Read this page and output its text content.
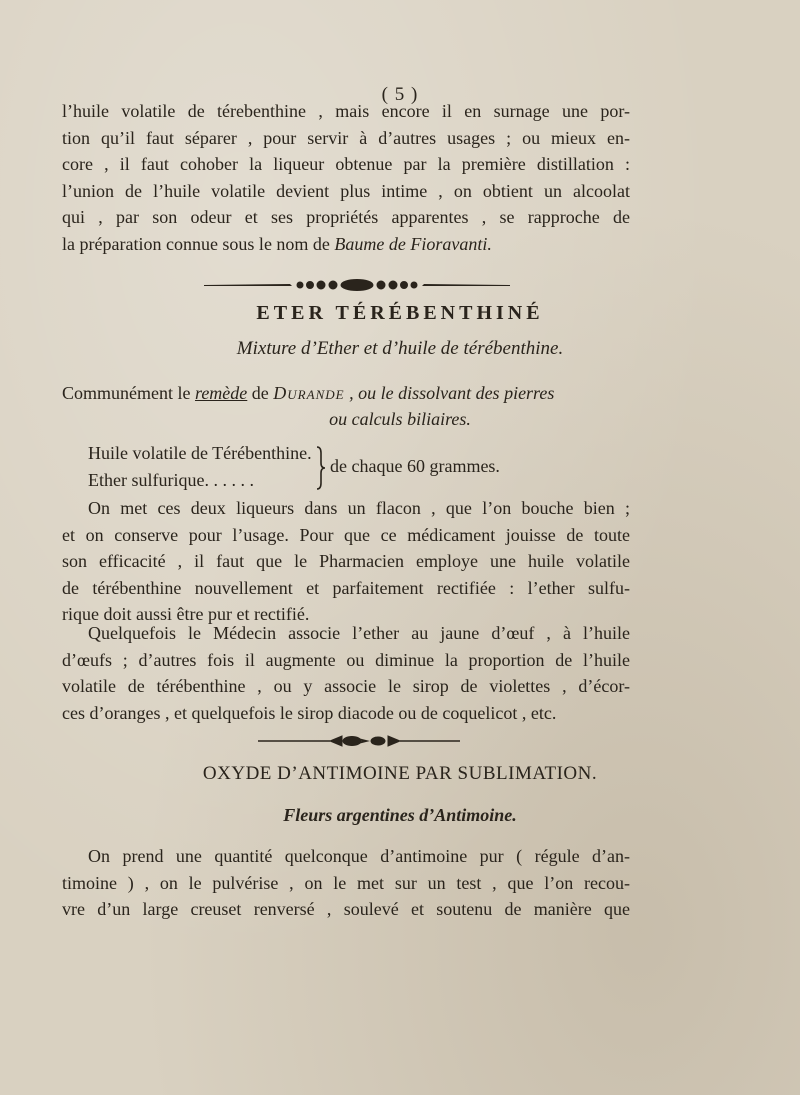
( 5 )
l’huile volatile de térebenthine , mais encore il en surnage une por-
tion qu’il faut séparer , pour servir à d’autres usages ; ou mieux en-
core , il faut cohober la liqueur obtenue par la première distillation :
l’union de l’huile volatile devient plus intime , on obtient un alcoolat
qui , par son odeur et ses propriétés apparentes , se rapproche de
la préparation connue sous le nom de Baume de Fioravanti.
ETER TÉRÉBENTHINÉ
Mixture d’Ether et d’huile de térébenthine.
Communément le remède de Durande , ou le dissolvant des pierres
ou calculs biliaires.
Huile volatile de Térébenthine.
Ether sulfurique. . . . . .
de chaque 60 grammes.
On met ces deux liqueurs dans un flacon , que l’on bouche bien ;
et on conserve pour l’usage. Pour que ce médicament jouisse de toute
son efficacité , il faut que le Pharmacien employe une huile volatile
de térébenthine nouvellement et parfaitement rectifiée : l’ether sulfu-
rique doit aussi être pur et rectifié.
Quelquefois le Médecin associe l’ether au jaune d’œuf , à l’huile
d’œufs ; d’autres fois il augmente ou diminue la proportion de l’huile
volatile de térébenthine , ou y associe le sirop de violettes , d’écor-
ces d’oranges , et quelquefois le sirop diacode ou de coquelicot , etc.
OXYDE D’ANTIMOINE PAR SUBLIMATION.
Fleurs argentines d’Antimoine.
On prend une quantité quelconque d’antimoine pur ( régule d’an-
timoine ) , on le pulvérise , on le met sur un test , que l’on recou-
vre d’un large creuset renversé , soulevé et soutenu de manière que
